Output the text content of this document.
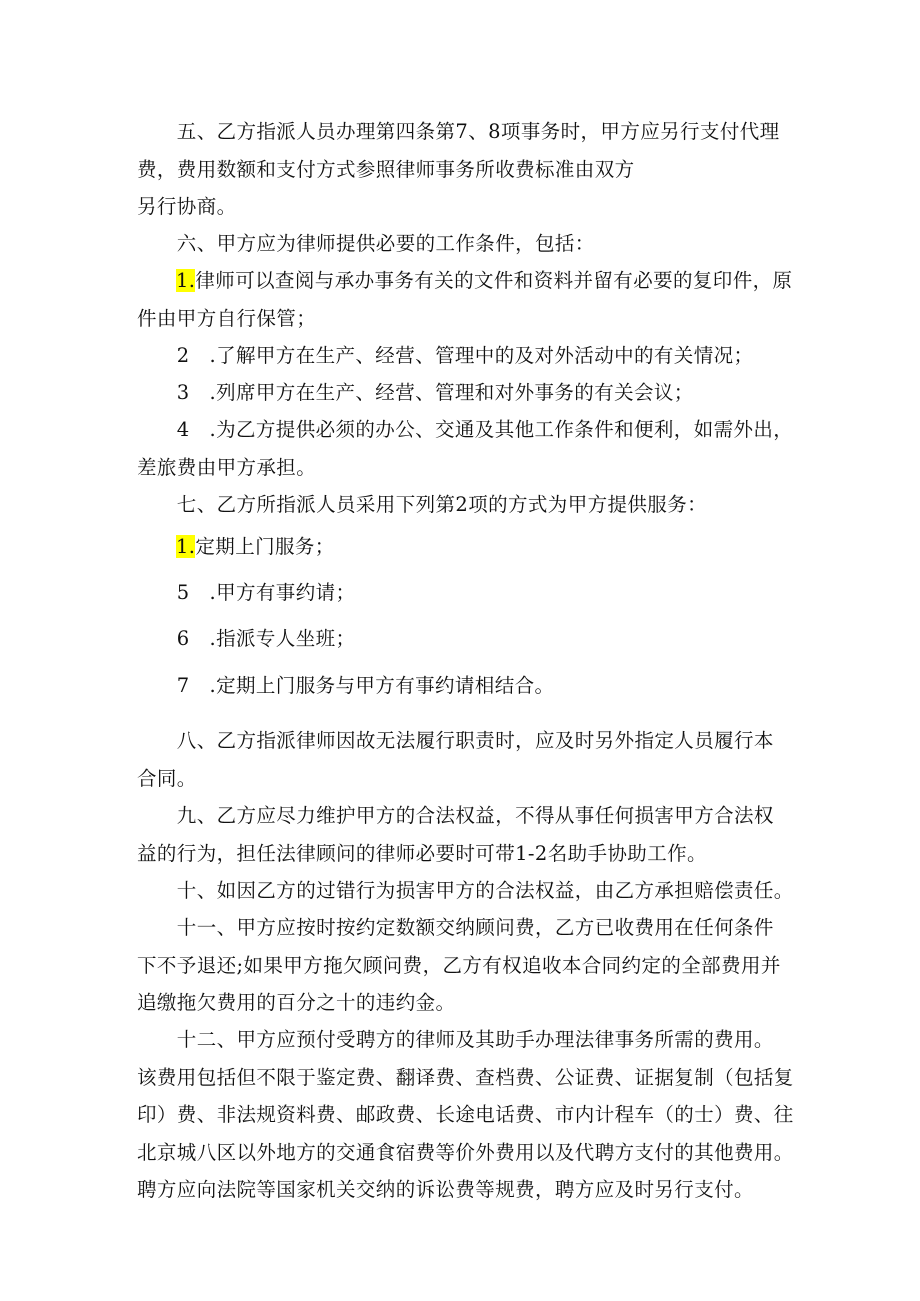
　　五、乙方指派人员办理第四条第7、8项事务时，甲方应另行支付代理
费，费用数额和支付方式参照律师事务所收费标准由双方
另行协商。

　　六、甲方应为律师提供必要的工作条件，包括：

1.律师可以查阅与承办事务有关的文件和资料并留有必要的复印件，原
件由甲方自行保管；

　　2　.了解甲方在生产、经营、管理中的及对外活动中的有关情况；

　　3　.列席甲方在生产、经营、管理和对外事务的有关会议；

　　4　.为乙方提供必须的办公、交通及其他工作条件和便利，如需外出，
差旅费由甲方承担。

　　七、乙方所指派人员采用下列第2项的方式为甲方提供服务：

1.定期上门服务；

　　5　.甲方有事约请；

　　6　.指派专人坐班；

　　7　.定期上门服务与甲方有事约请相结合。

　　八、乙方指派律师因故无法履行职责时，应及时另外指定人员履行本
合同。

　　九、乙方应尽力维护甲方的合法权益，不得从事任何损害甲方合法权
益的行为，担任法律顾问的律师必要时可带1-2名助手协助工作。

　　十、如因乙方的过错行为损害甲方的合法权益，由乙方承担赔偿责任。

　　十一、甲方应按时按约定数额交纳顾问费，乙方已收费用在任何条件
下不予退还;如果甲方拖欠顾问费，乙方有权追收本合同约定的全部费用并
追缴拖欠费用的百分之十的违约金。

　　十二、甲方应预付受聘方的律师及其助手办理法律事务所需的费用。
该费用包括但不限于鉴定费、翻译费、查档费、公证费、证据复制（包括复
印）费、非法规资料费、邮政费、长途电话费、市内计程车（的士）费、往
北京城八区以外地方的交通食宿费等价外费用以及代聘方支付的其他费用。
聘方应向法院等国家机关交纳的诉讼费等规费，聘方应及时另行支付。
